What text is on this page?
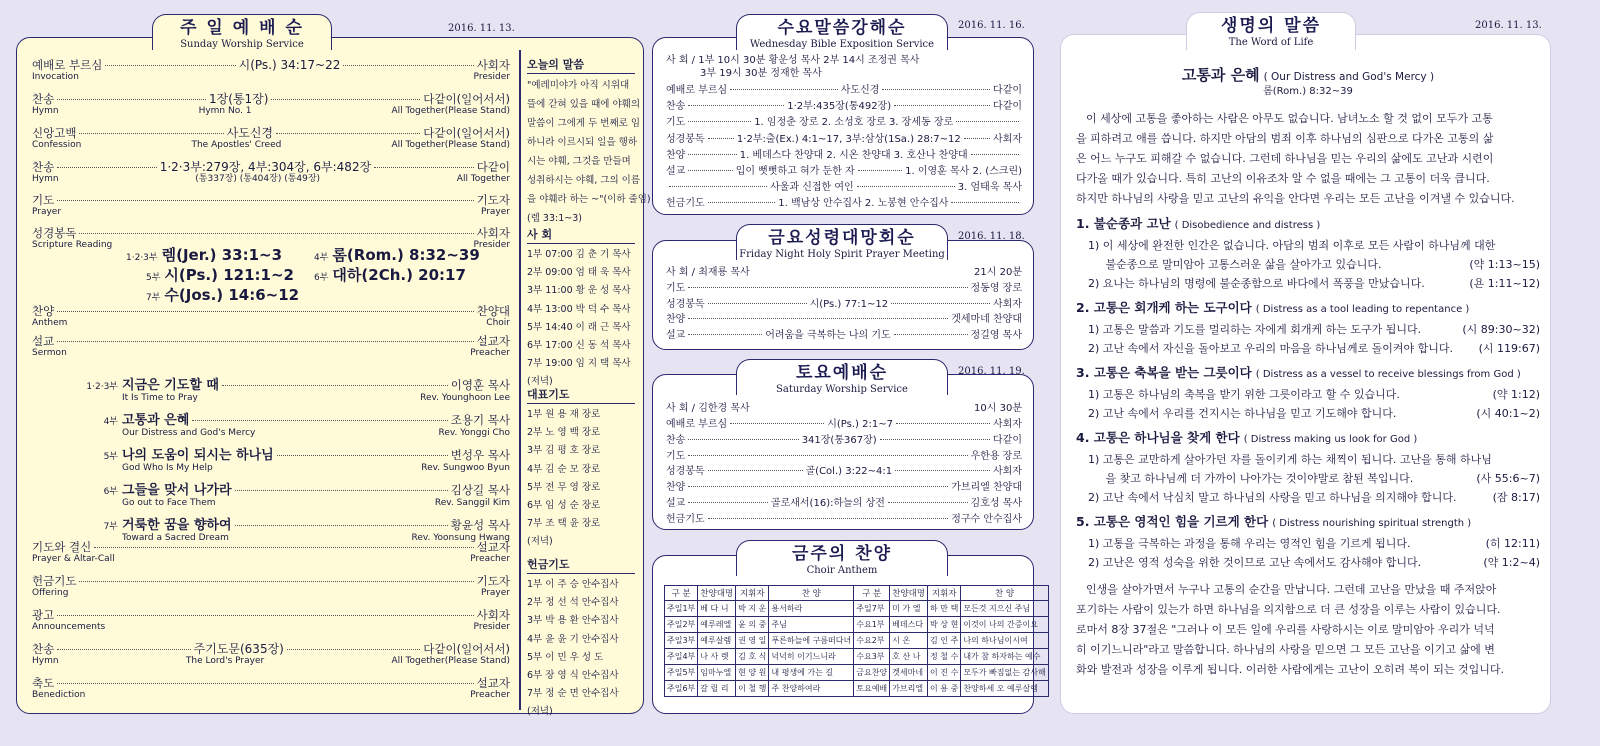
주 일 예 배 순
Sunday Worship Service
2016. 11. 13.
예배로 부르심	시(Ps.) 34:17~22	사회자
Invocation	Presider
찬송	1장(통1장)	다같이(일어서서)
Hymn	Hymn No. 1	All Together(Please Stand)
신앙고백	사도신경	다같이(일어서서)
Confession	The Apostles' Creed	All Together(Please Stand)
찬송	1·2·3부:279장, 4부:304장, 6부:482장	다같이
Hymn	(통337장) (통404장) (통49장)	All Together
기도	기도자
Prayer	Prayer
성경봉독	사회자
Scripture Reading	Presider
1·2·3부 렘(Jer.) 33:1~3	4부 롬(Rom.) 8:32~39
5부 시(Ps.) 121:1~2 6부 대하(2Ch.) 20:17
7부 수(Jos.) 14:6~12
찬양	찬양대
Anthem	Choir
설교	설교자
Sermon	Preacher
1·2·3부 지금은 기도할 때	이영훈 목사
It Is Time to Pray	Rev. Younghoon Lee
4부 고통과 은혜	조용기 목사
Our Distress and God's Mercy	Rev. Yonggi Cho
5부 나의 도움이 되시는 하나님	변성우 목사
God Who Is My Help	Rev. Sungwoo Byun
6부 그들을 맞서 나가라	김상길 목사
Go out to Face Them	Rev. Sanggil Kim
7부 거룩한 꿈을 향하여	황윤성 목사
Toward a Sacred Dream	Rev. Yoonsung Hwang
기도와 결신	설교자
Prayer & Altar-Call	Preacher
헌금기도	기도자
Offering	Prayer
광고	사회자
Announcements	Presider
찬송	주기도문(635장)	다같이(일어서서)
Hymn	The Lord's Prayer	All Together(Please Stand)
축도	설교자
Benediction	Preacher
오늘의 말씀
"예레미야가 아직 시위대
뜰에 갇혀 있을 때에 야훼의
말씀이 그에게 두 번째로 임
하니라 이르시되 일을 행하
시는 야훼, 그것을 만들며
성취하시는 야훼, 그의 이름
을 야훼라 하는 ~"(이하 줄임)
(렘 33:1~3)
사 회
1부 07:00 김 춘 기 목사
2부 09:00 엄 태 욱 목사
3부 11:00 황 운 성 목사
4부 13:00 박 덕 수 목사
5부 14:40 이 래 근 목사
6부 17:00 신 동 석 목사
7부 19:00 임 지 택 목사
(저녁)
대표기도
1부 원 용 재 장로
2부 노 영 백 장로
3부 김 평 호 장로
4부 김 순 모 장로
5부 전 무 영 장로
6부 임 성 순 장로
7부 조 택 윤 장로
(저녁)
헌금기도
1부 이 주 승 안수집사
2부 정 선 석 안수집사
3부 박 용 환 안수집사
4부 윤 윤 기 안수집사
5부 이 민 우 성 도
6부 장 영 식 안수집사
7부 정 순 면 안수집사
(저녁)
수요말씀강해순
Wednesday Bible Exposition Service
2016. 11. 16.
사 회 / 1부 10시 30분 황운성 목사 2부 14시 조정권 목사
3부 19시 30분 정재한 목사
예배로 부르심	사도신경	다같이
찬송	1·2부:435장(통492장)	다같이
기도	1. 임정춘 장로 2. 소성호 장로 3. 장세동 장로
성경봉독	1·2부:출(Ex.) 4:1~17, 3부:삼상(1Sa.) 28:7~12	사회자
찬양	1. 베데스다 찬양대 2. 시온 찬양대 3. 호산나 찬양대
설교	입이 뻣뻣하고 혀가 둔한 자	1. 이영훈 목사 2. (스크린)
사울과 신접한 여인	3. 엄태욱 목사
헌금기도	1. 백남상 안수집사 2. 노봉현 안수집사
금요성령대망회순
Friday Night Holy Spirit Prayer Meeting
2016. 11. 18.
사 회 / 최재룡 목사	21시 20분
기도	정동영 장로
성경봉독	시(Ps.) 77:1~12	사회자
찬양	겟세마네 찬양대
설교	어려움을 극복하는 나의 기도	정길영 목사
토요예배순
Saturday Worship Service
2016. 11. 19.
사 회 / 김한경 목사	10시 30분
예배로 부르심	시(Ps.) 2:1~7	사회자
찬송	341장(통367장)	다같이
기도	우한용 장로
성경봉독	골(Col.) 3:22~4:1	사회자
찬양	가브리엘 찬양대
설교	골로새서(16):하늘의 상전	김호성 목사
헌금기도	정구수 안수집사
금주의 찬양
Choir Anthem
구 분	찬양대명	지휘자	찬 양	구 분	찬양대명	지휘자	찬 양
주일1부	베 다 니	박 지 운	용서하라	주일7부	미 가 엘	하 만 택	모든것 지으신 주님
주일2부	예루레엘	윤 의 중	주님	수요1부	베데스다	박 상 현	이것이 나의 간증이요
주일3부	예루살렘	권 영 일	푸른하늘에 구름떠다녀	수요2부	시 온	김 인 주	나의 하나님이시여
주일4부	나 사 렛	김 호 식	넉넉히 이기느니라	수요3부	호 산 나	정 철 수	내가 참 하자하는 예수
주일5부	임마누엘	현 양 원	내 평생에 가는 길	금요찬양	겟세마네	이 진 수	모두가 빠짐없는 감사해
주일6부	갈 릴 리	이 철 행	주 찬양하여라	토요예배	가브리엘	이 용 중	찬양하세 오 예루살렘
생명의 말씀
The Word of Life
2016. 11. 13.
고통과 은혜 ( Our Distress and God's Mercy )
롬(Rom.) 8:32~39
이 세상에 고통을 좋아하는 사람은 아무도 없습니다. 남녀노소 할 것 없이 모두가 고통
을 피하려고 애를 씁니다. 하지만 아담의 범죄 이후 하나님의 심판으로 다가온 고통의 삶
은 어느 누구도 피해갈 수 없습니다. 그런데 하나님을 믿는 우리의 삶에도 고난과 시련이
다가올 때가 있습니다. 특히 고난의 이유조차 알 수 없을 때에는 그 고통이 더욱 큽니다.
하지만 하나님의 사랑을 믿고 고난의 유익을 안다면 우리는 모든 고난을 이겨낼 수 있습니다.
1. 불순종과 고난 ( Disobedience and distress )
1) 이 세상에 완전한 인간은 없습니다. 아담의 범죄 이후로 모든 사람이 하나님께 대한
불순종으로 말미암아 고통스러운 삶을 살아가고 있습니다.	(약 1:13~15)
2) 요나는 하나님의 명령에 불순종함으로 바다에서 폭풍을 만났습니다.	(욘 1:11~12)
2. 고통은 회개케 하는 도구이다 ( Distress as a tool leading to repentance )
1) 고통은 말씀과 기도를 멀리하는 자에게 회개케 하는 도구가 됩니다.	(시 89:30~32)
2) 고난 속에서 자신을 돌아보고 우리의 마음을 하나님께로 돌이켜야 합니다. (시 119:67)
3. 고통은 축복을 받는 그릇이다 ( Distress as a vessel to receive blessings from God )
1) 고통은 하나님의 축복을 받기 위한 그릇이라고 할 수 있습니다.	(약 1:12)
2) 고난 속에서 우리를 건지시는 하나님을 믿고 기도해야 합니다.	(시 40:1~2)
4. 고통은 하나님을 찾게 한다 ( Distress making us look for God )
1) 고통은 교만하게 살아가던 자를 돌이키게 하는 채찍이 됩니다. 고난을 통해 하나님
을 찾고 하나님께 더 가까이 나아가는 것이야말로 참된 복입니다.	(사 55:6~7)
2) 고난 속에서 낙심치 말고 하나님의 사랑을 믿고 하나님을 의지해야 합니다.	(잠 8:17)
5. 고통은 영적인 힘을 기르게 한다 ( Distress nourishing spiritual strength )
1) 고통을 극복하는 과정을 통해 우리는 영적인 힘을 기르게 됩니다.	(히 12:11)
2) 고난은 영적 성숙을 위한 것이므로 고난 속에서도 감사해야 합니다.	(약 1:2~4)
인생을 살아가면서 누구나 고통의 순간을 만납니다. 그런데 고난을 만났을 때 주저앉아
포기하는 사람이 있는가 하면 하나님을 의지함으로 더 큰 성장을 이루는 사람이 있습니다.
로마서 8장 37절은 "그러나 이 모든 일에 우리를 사랑하시는 이로 말미암아 우리가 넉넉
히 이기느니라"라고 말씀합니다. 하나님의 사랑을 믿으면 그 모든 고난을 이기고 삶에 변
화와 발전과 성장을 이루게 됩니다. 이러한 사람에게는 고난이 오히려 복이 되는 것입니다.
